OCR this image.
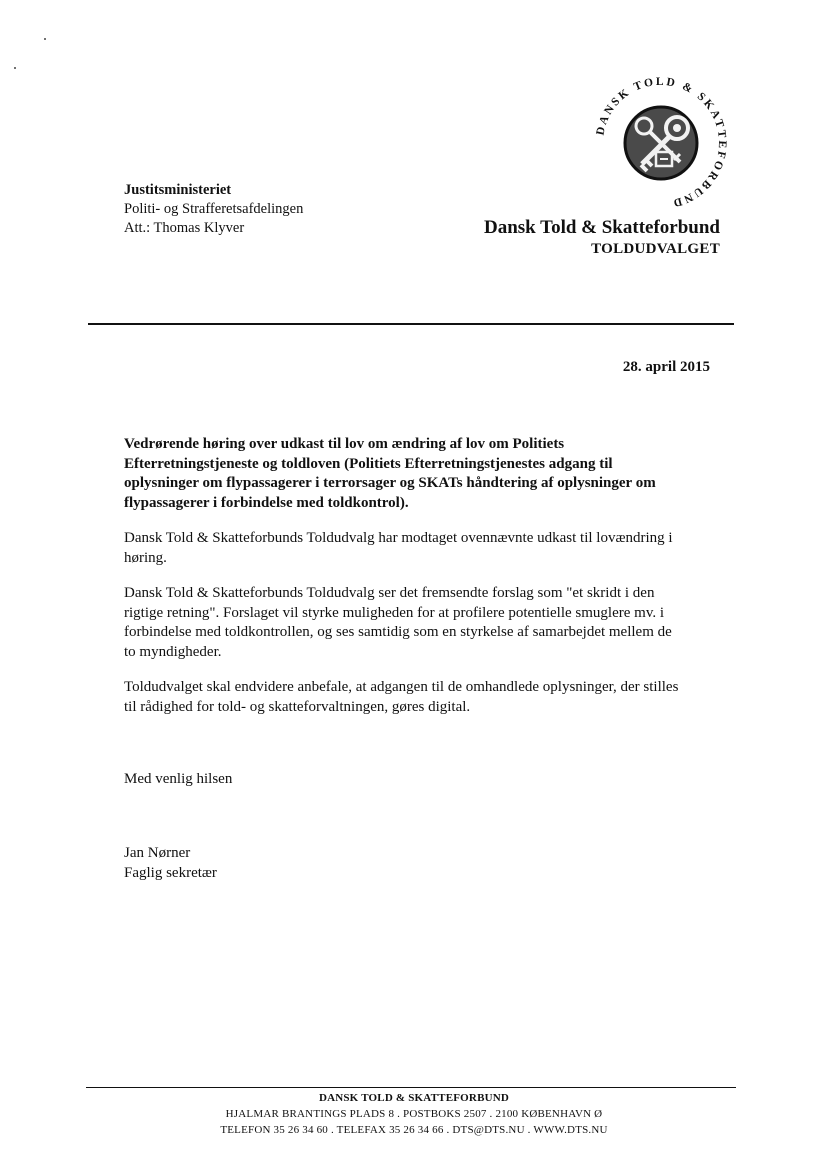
Justitsministeriet
Politi- og Strafferetsafdelingen
Att.: Thomas Klyver
DANSK TOLD & SKATTEFORBUND
Dansk Told & Skatteforbund
TOLDUDVALGET
28. april 2015
Vedrørende høring over udkast til lov om ændring af lov om Politiets Efterretningstjeneste og toldloven (Politiets Efterretningstjenestes adgang til oplysninger om flypassagerer i terrorsager og SKATs håndtering af oplysninger om flypassagerer i forbindelse med toldkontrol).
Dansk Told & Skatteforbunds Toldudvalg har modtaget ovennævnte udkast til lovændring i høring.
Dansk Told & Skatteforbunds Toldudvalg ser det fremsendte forslag som "et skridt i den rigtige retning". Forslaget vil styrke muligheden for at profilere potentielle smuglere mv. i forbindelse med toldkontrollen, og ses samtidig som en styrkelse af samarbejdet mellem de to myndigheder.
Toldudvalget skal endvidere anbefale, at adgangen til de omhandlede oplysninger, der stilles til rådighed for told- og skatteforvaltningen, gøres digital.
Med venlig hilsen
Jan Nørner
Faglig sekretær
DANSK TOLD & SKATTEFORBUND
HJALMAR BRANTINGS PLADS 8 . POSTBOKS 2507 . 2100 KØBENHAVN Ø
TELEFON 35 26 34 60 . TELEFAX 35 26 34 66 . DTS@DTS.NU . WWW.DTS.NU
